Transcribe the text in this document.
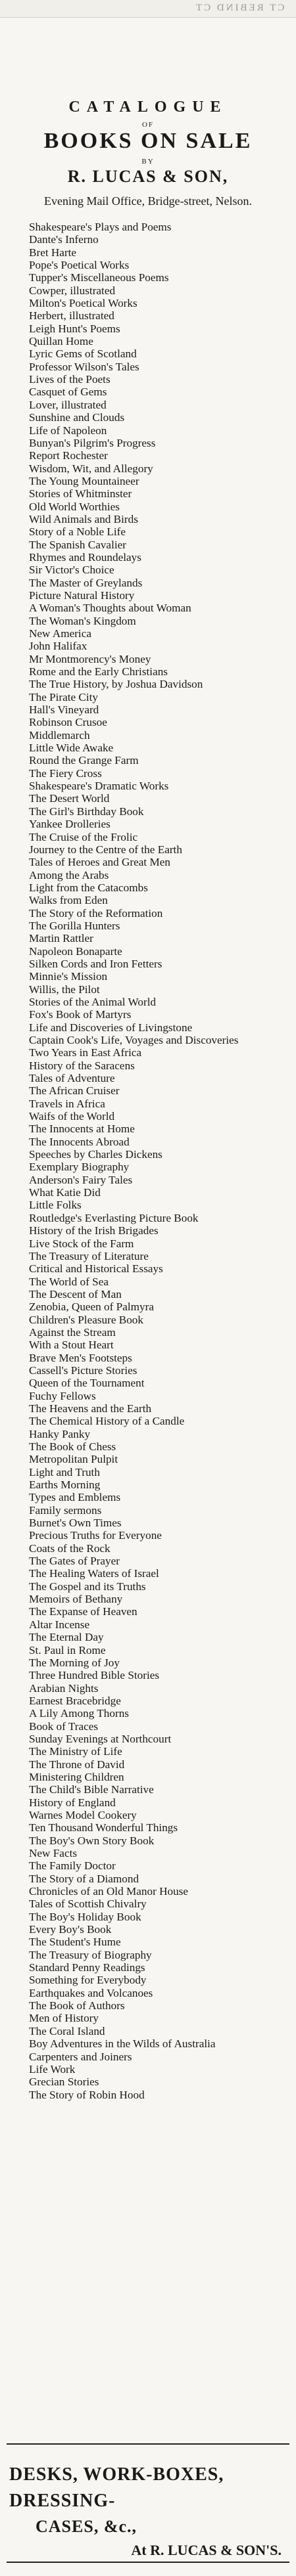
CT REBIND CT
CATALOGUE
OF
BOOKS ON SALE
BY
R. LUCAS & SON,
Evening Mail Office, Bridge-street, Nelson.
Shakespeare's Plays and Poems
Dante's Inferno
Bret Harte
Pope's Poetical Works
Tupper's Miscellaneous Poems
Cowper, illustrated
Milton's Poetical Works
Herbert, illustrated
Leigh Hunt's Poems
Quillan Home
Lyric Gems of Scotland
Professor Wilson's Tales
Lives of the Poets
Casquet of Gems
Lover, illustrated
Sunshine and Clouds
Life of Napoleon
Bunyan's Pilgrim's Progress
Report Rochester
Wisdom, Wit, and Allegory
The Young Mountaineer
Stories of Whitminster
Old World Worthies
Wild Animals and Birds
Story of a Noble Life
The Spanish Cavalier
Rhymes and Roundelays
Sir Victor's Choice
The Master of Greylands
Picture Natural History
A Woman's Thoughts about Woman
The Woman's Kingdom
New America
John Halifax
Mr Montmorency's Money
Rome and the Early Christians
The True History, by Joshua Davidson
The Pirate City
Hall's Vineyard
Robinson Crusoe
Middlemarch
Little Wide Awake
Round the Grange Farm
The Fiery Cross
Shakespeare's Dramatic Works
The Desert World
The Girl's Birthday Book
Yankee Drolleries
The Cruise of the Frolic
Journey to the Centre of the Earth
Tales of Heroes and Great Men
Among the Arabs
Light from the Catacombs
Walks from Eden
The Story of the Reformation
The Gorilla Hunters
Martin Rattler
Napoleon Bonaparte
Silken Cords and Iron Fetters
Minnie's Mission
Willis, the Pilot
Stories of the Animal World
Fox's Book of Martyrs
Life and Discoveries of Livingstone
Captain Cook's Life, Voyages and Discoveries
Two Years in East Africa
History of the Saracens
Tales of Adventure
The African Cruiser
Travels in Africa
Waifs of the World
The Innocents at Home
The Innocents Abroad
Speeches by Charles Dickens
Exemplary Biography
Anderson's Fairy Tales
What Katie Did
Little Folks
Routledge's Everlasting Picture Book
History of the Irish Brigades
Live Stock of the Farm
The Treasury of Literature
Critical and Historical Essays
The World of Sea
The Descent of Man
Zenobia, Queen of Palmyra
Children's Pleasure Book
Against the Stream
With a Stout Heart
Brave Men's Footsteps
Cassell's Picture Stories
Queen of the Tournament
Fuchy Fellows
The Heavens and the Earth
The Chemical History of a Candle
Hanky Panky
The Book of Chess
Metropolitan Pulpit
Light and Truth
Earths Morning
Types and Emblems
Family sermons
Burnet's Own Times
Precious Truths for Everyone
Coats of the Rock
The Gates of Prayer
The Healing Waters of Israel
The Gospel and its Truths
Memoirs of Bethany
The Expanse of Heaven
Altar Incense
The Eternal Day
St. Paul in Rome
The Morning of Joy
Three Hundred Bible Stories
Arabian Nights
Earnest Bracebridge
A Lily Among Thorns
Book of Traces
Sunday Evenings at Northcourt
The Ministry of Life
The Throne of David
Ministering Children
The Child's Bible Narrative
History of England
Warnes Model Cookery
Ten Thousand Wonderful Things
The Boy's Own Story Book
New Facts
The Family Doctor
The Story of a Diamond
Chronicles of an Old Manor House
Tales of Scottish Chivalry
The Boy's Holiday Book
Every Boy's Book
The Student's Hume
The Treasury of Biography
Standard Penny Readings
Something for Everybody
Earthquakes and Volcanoes
The Book of Authors
Men of History
The Coral Island
Boy Adventures in the Wilds of Australia
Carpenters and Joiners
Life Work
Grecian Stories
The Story of Robin Hood
DESKS, WORK-BOXES, DRESSING-
CASES, &c.,
At R. LUCAS & SON'S.
